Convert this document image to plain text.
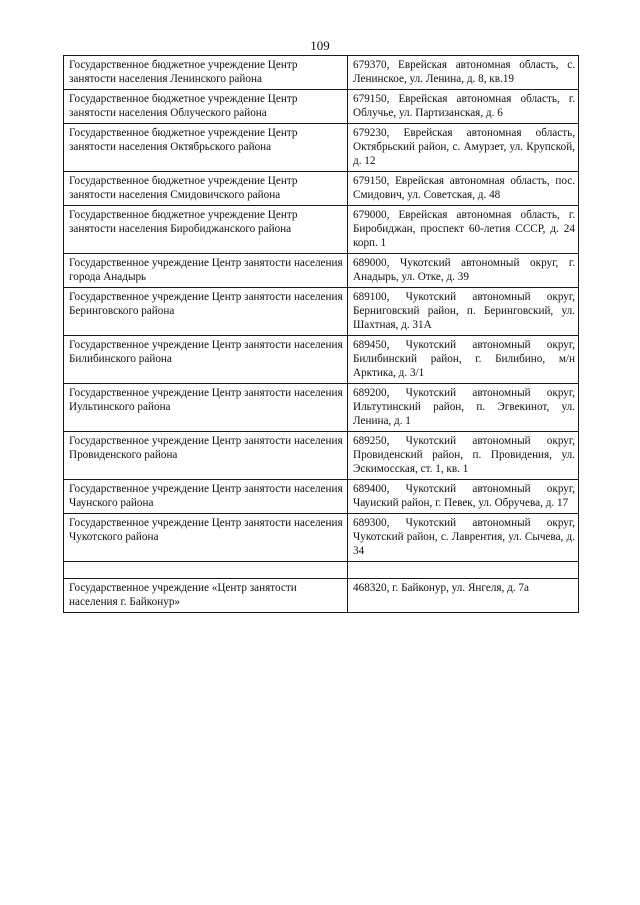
109
Государственное бюджетное учреждение Центр занятости населения Ленинского района	679370, Еврейская автономная область, с. Ленинское, ул. Ленина, д. 8, кв.19
Государственное бюджетное учреждение Центр занятости населения Облучеcкого района	679150, Еврейская автономная область, г. Облучье, ул. Партизанская, д. 6
Государственное бюджетное учреждение Центр занятости населения Октябрьского района	679230, Еврейская автономная область, Октябрьский район, с. Амурзет, ул. Крупской, д. 12
Государственное бюджетное учреждение Центр занятости населения Смидовичского района	679150, Еврейская автономная область, пос. Смидович, ул. Советская, д. 48
Государственное бюджетное учреждение Центр занятости населения Биробиджанского района	679000, Еврейская автономная область, г. Биробиджан, проспект 60-летия СССР, д. 24 корп. 1
Государственное учреждение Центр занятости населения города Анадырь	689000, Чукотский автономный округ, г. Анадырь, ул. Отке, д. 39
Государственное учреждение Центр занятости населения Беринговского района	689100, Чукотский автономный округ, Берниговский район, п. Беринговский, ул. Шахтная, д. 31А
Государственное учреждение Центр занятости населения Билибинского района	689450, Чукотский автономный округ, Билибинский район, г. Билибино, м/н Арктика, д. 3/1
Государственное учреждение Центр занятости населения Иультинского района	689200, Чукотский автономный округ, Ильтутинский район, п. Эгвекинот, ул. Ленина, д. 1
Государственное учреждение Центр занятости населения Провиденского района	689250, Чукотский автономный округ, Провиденский район, п. Провидения, ул. Эскимосская, ст. 1, кв. 1
Государственное учреждение Центр занятости населения Чаунского района	689400, Чукотский автономный округ, Чауиский район, г. Певек, ул. Обручева, д. 17
Государственное учреждение Центр занятости населения Чукотского района	689300, Чукотский автономный округ, Чукотский район, с. Лаврентия, ул. Сычева, д. 34

Государственное учреждение «Центр занятости населения г. Байконур»	468320, г. Байконур, ул. Янгеля, д. 7а
